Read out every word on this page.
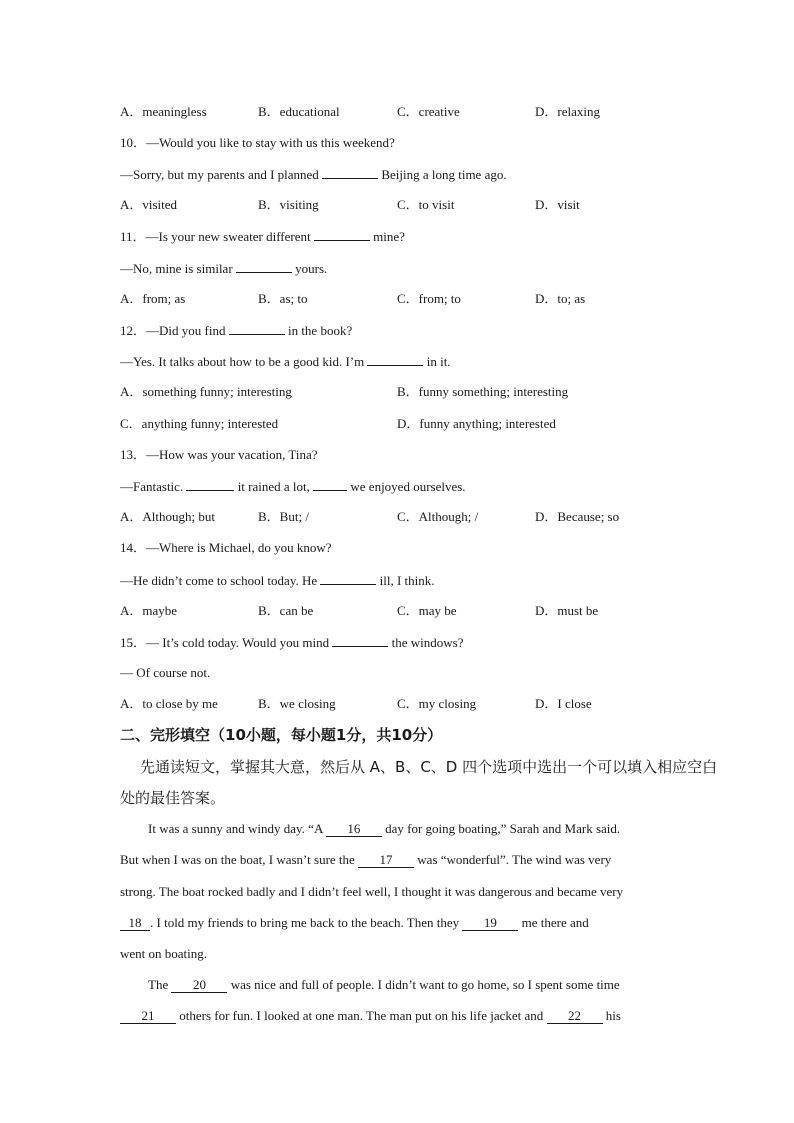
A．meaningless	B．educational	C．creative	D．relaxing
10．—Would you like to stay with us this weekend?
—Sorry, but my parents and I planned	Beijing a long time ago.
A．visited	B．visiting	C．to visit	D．visit
11．—Is your new sweater different	mine?
—No, mine is similar	yours.
A．from; as	B．as; to	C．from; to	D．to; as
12．—Did you find	in the book?
—Yes. It talks about how to be a good kid. I’m	in it.
A．something funny; interesting	B．funny something; interesting
C．anything funny; interested	D．funny anything; interested
13．—How was your vacation, Tina?
—Fantastic.	it rained a lot,	we enjoyed ourselves.
A．Although; but	B．But; /	C．Although; /	D．Because; so
14．—Where is Michael, do you know?
—He didn’t come to school today. He	ill, I think.
A．maybe	B．can be	C．may be	D．must be
15．— It’s cold today. Would you mind	the windows?
— Of course not.
A．to close by me	B．we closing	C．my closing	D．I close
二、完形填空（10小题，每小题1分，共10分）
先通读短文，掌握其大意，然后从 A、B、C、D 四个选项中选出一个可以填入相应空白
处的最佳答案。
It was a sunny and windy day. “A 16 day for going boating,” Sarah and Mark said.
But when I was on the boat, I wasn’t sure the 17 was “wonderful”. The wind was very
strong. The boat rocked badly and I didn’t feel well, I thought it was dangerous and became very
18 . I told my friends to bring me back to the beach. Then they 19 me there and
went on boating.
The 20 was nice and full of people. I didn’t want to go home, so I spent some time
21 others for fun. I looked at one man. The man put on his life jacket and 22 his
